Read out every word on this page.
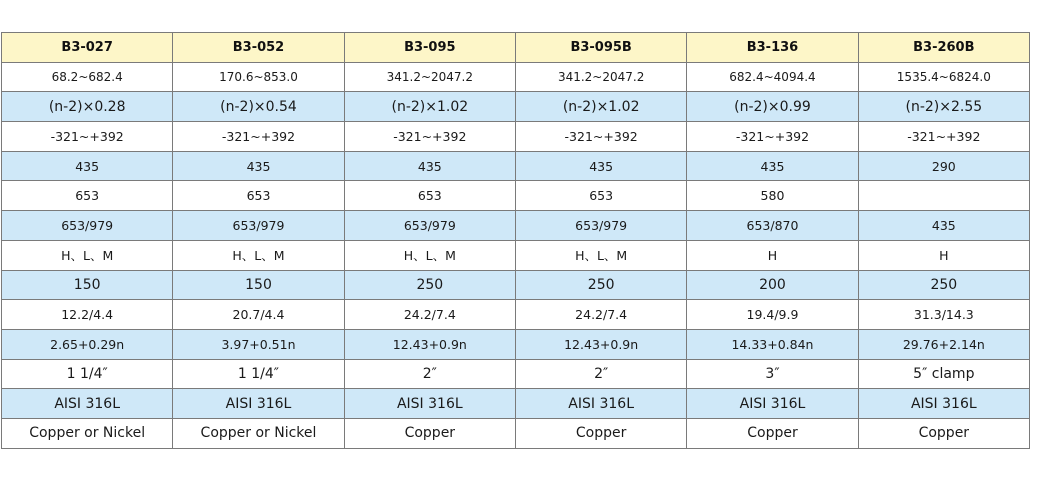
B3-027	B3-052	B3-095	B3-095B	B3-136	B3-260B
68.2~682.4	170.6~853.0	341.2~2047.2	341.2~2047.2	682.4~4094.4	1535.4~6824.0
(n-2)×0.28	(n-2)×0.54	(n-2)×1.02	(n-2)×1.02	(n-2)×0.99	(n-2)×2.55
-321~+392	-321~+392	-321~+392	-321~+392	-321~+392	-321~+392
435	435	435	435	435	290
653	653	653	653	580	
653/979	653/979	653/979	653/979	653/870	435
H、L、M	H、L、M	H、L、M	H、L、M	H	H
150	150	250	250	200	250
12.2/4.4	20.7/4.4	24.2/7.4	24.2/7.4	19.4/9.9	31.3/14.3
2.65+0.29n	3.97+0.51n	12.43+0.9n	12.43+0.9n	14.33+0.84n	29.76+2.14n
1 1/4″	1 1/4″	2″	2″	3″	5″ clamp
AISI 316L	AISI 316L	AISI 316L	AISI 316L	AISI 316L	AISI 316L
Copper or Nickel	Copper or Nickel	Copper	Copper	Copper	Copper
